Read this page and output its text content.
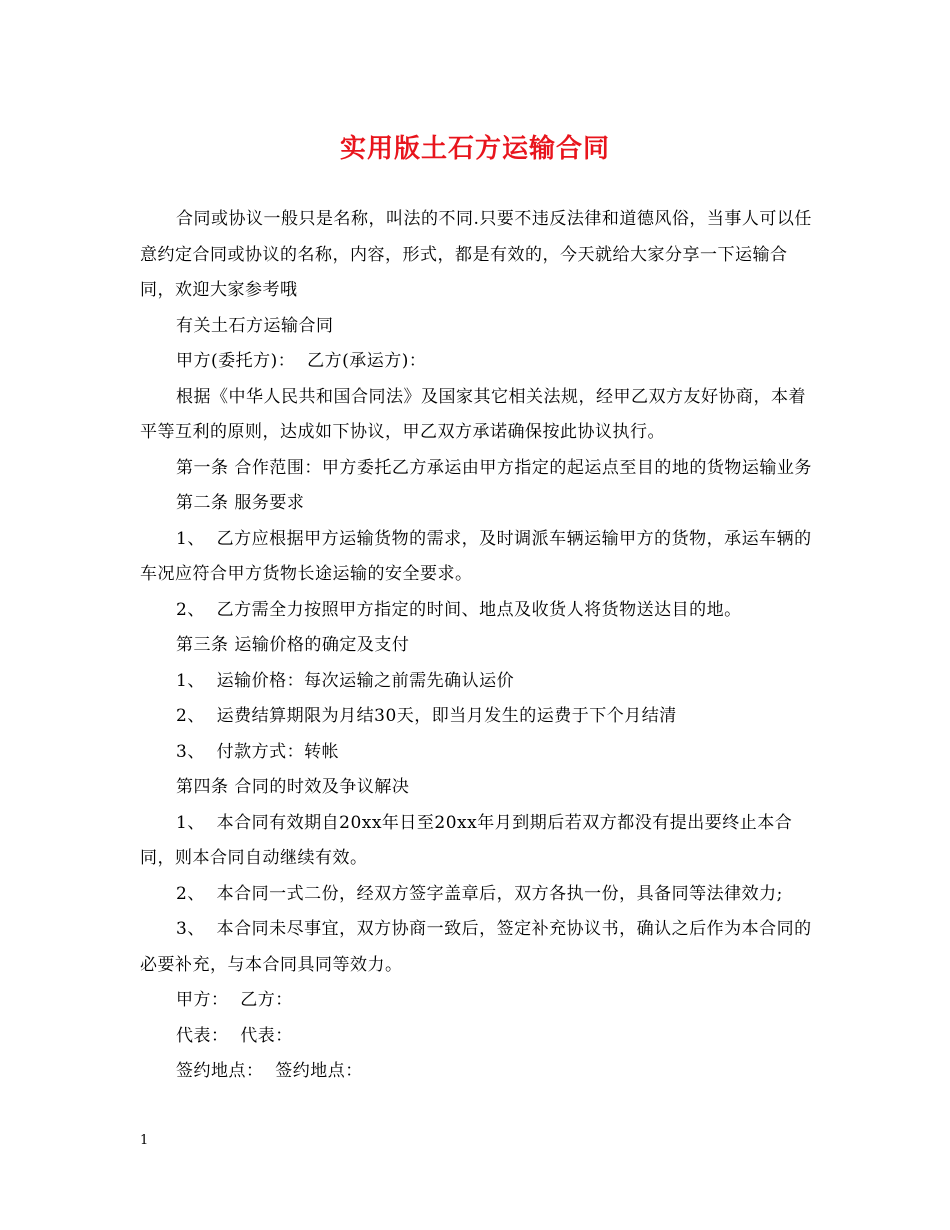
实用版土石方运输合同

合同或协议一般只是名称，叫法的不同.只要不违反法律和道德风俗，当事人可以任意约定合同或协议的名称，内容，形式，都是有效的，今天就给大家分享一下运输合同，欢迎大家参考哦

有关土石方运输合同

甲方(委托方)：  乙方(承运方)：

根据《中华人民共和国合同法》及国家其它相关法规，经甲乙双方友好协商，本着平等互利的原则，达成如下协议，甲乙双方承诺确保按此协议执行。

第一条 合作范围：甲方委托乙方承运由甲方指定的起运点至目的地的货物运输业务

第二条 服务要求

1、  乙方应根据甲方运输货物的需求，及时调派车辆运输甲方的货物，承运车辆的车况应符合甲方货物长途运输的安全要求。

2、  乙方需全力按照甲方指定的时间、地点及收货人将货物送达目的地。

第三条 运输价格的确定及支付

1、  运输价格：每次运输之前需先确认运价

2、  运费结算期限为月结30天，即当月发生的运费于下个月结清

3、  付款方式：转帐

第四条 合同的时效及争议解决

1、  本合同有效期自20xx年日至20xx年月到期后若双方都没有提出要终止本合同，则本合同自动继续有效。

2、  本合同一式二份，经双方签字盖章后，双方各执一份，具备同等法律效力;

3、  本合同未尽事宜，双方协商一致后，签定补充协议书，确认之后作为本合同的必要补充，与本合同具同等效力。

甲方：  乙方：

代表：  代表：

签约地点：  签约地点：

1
